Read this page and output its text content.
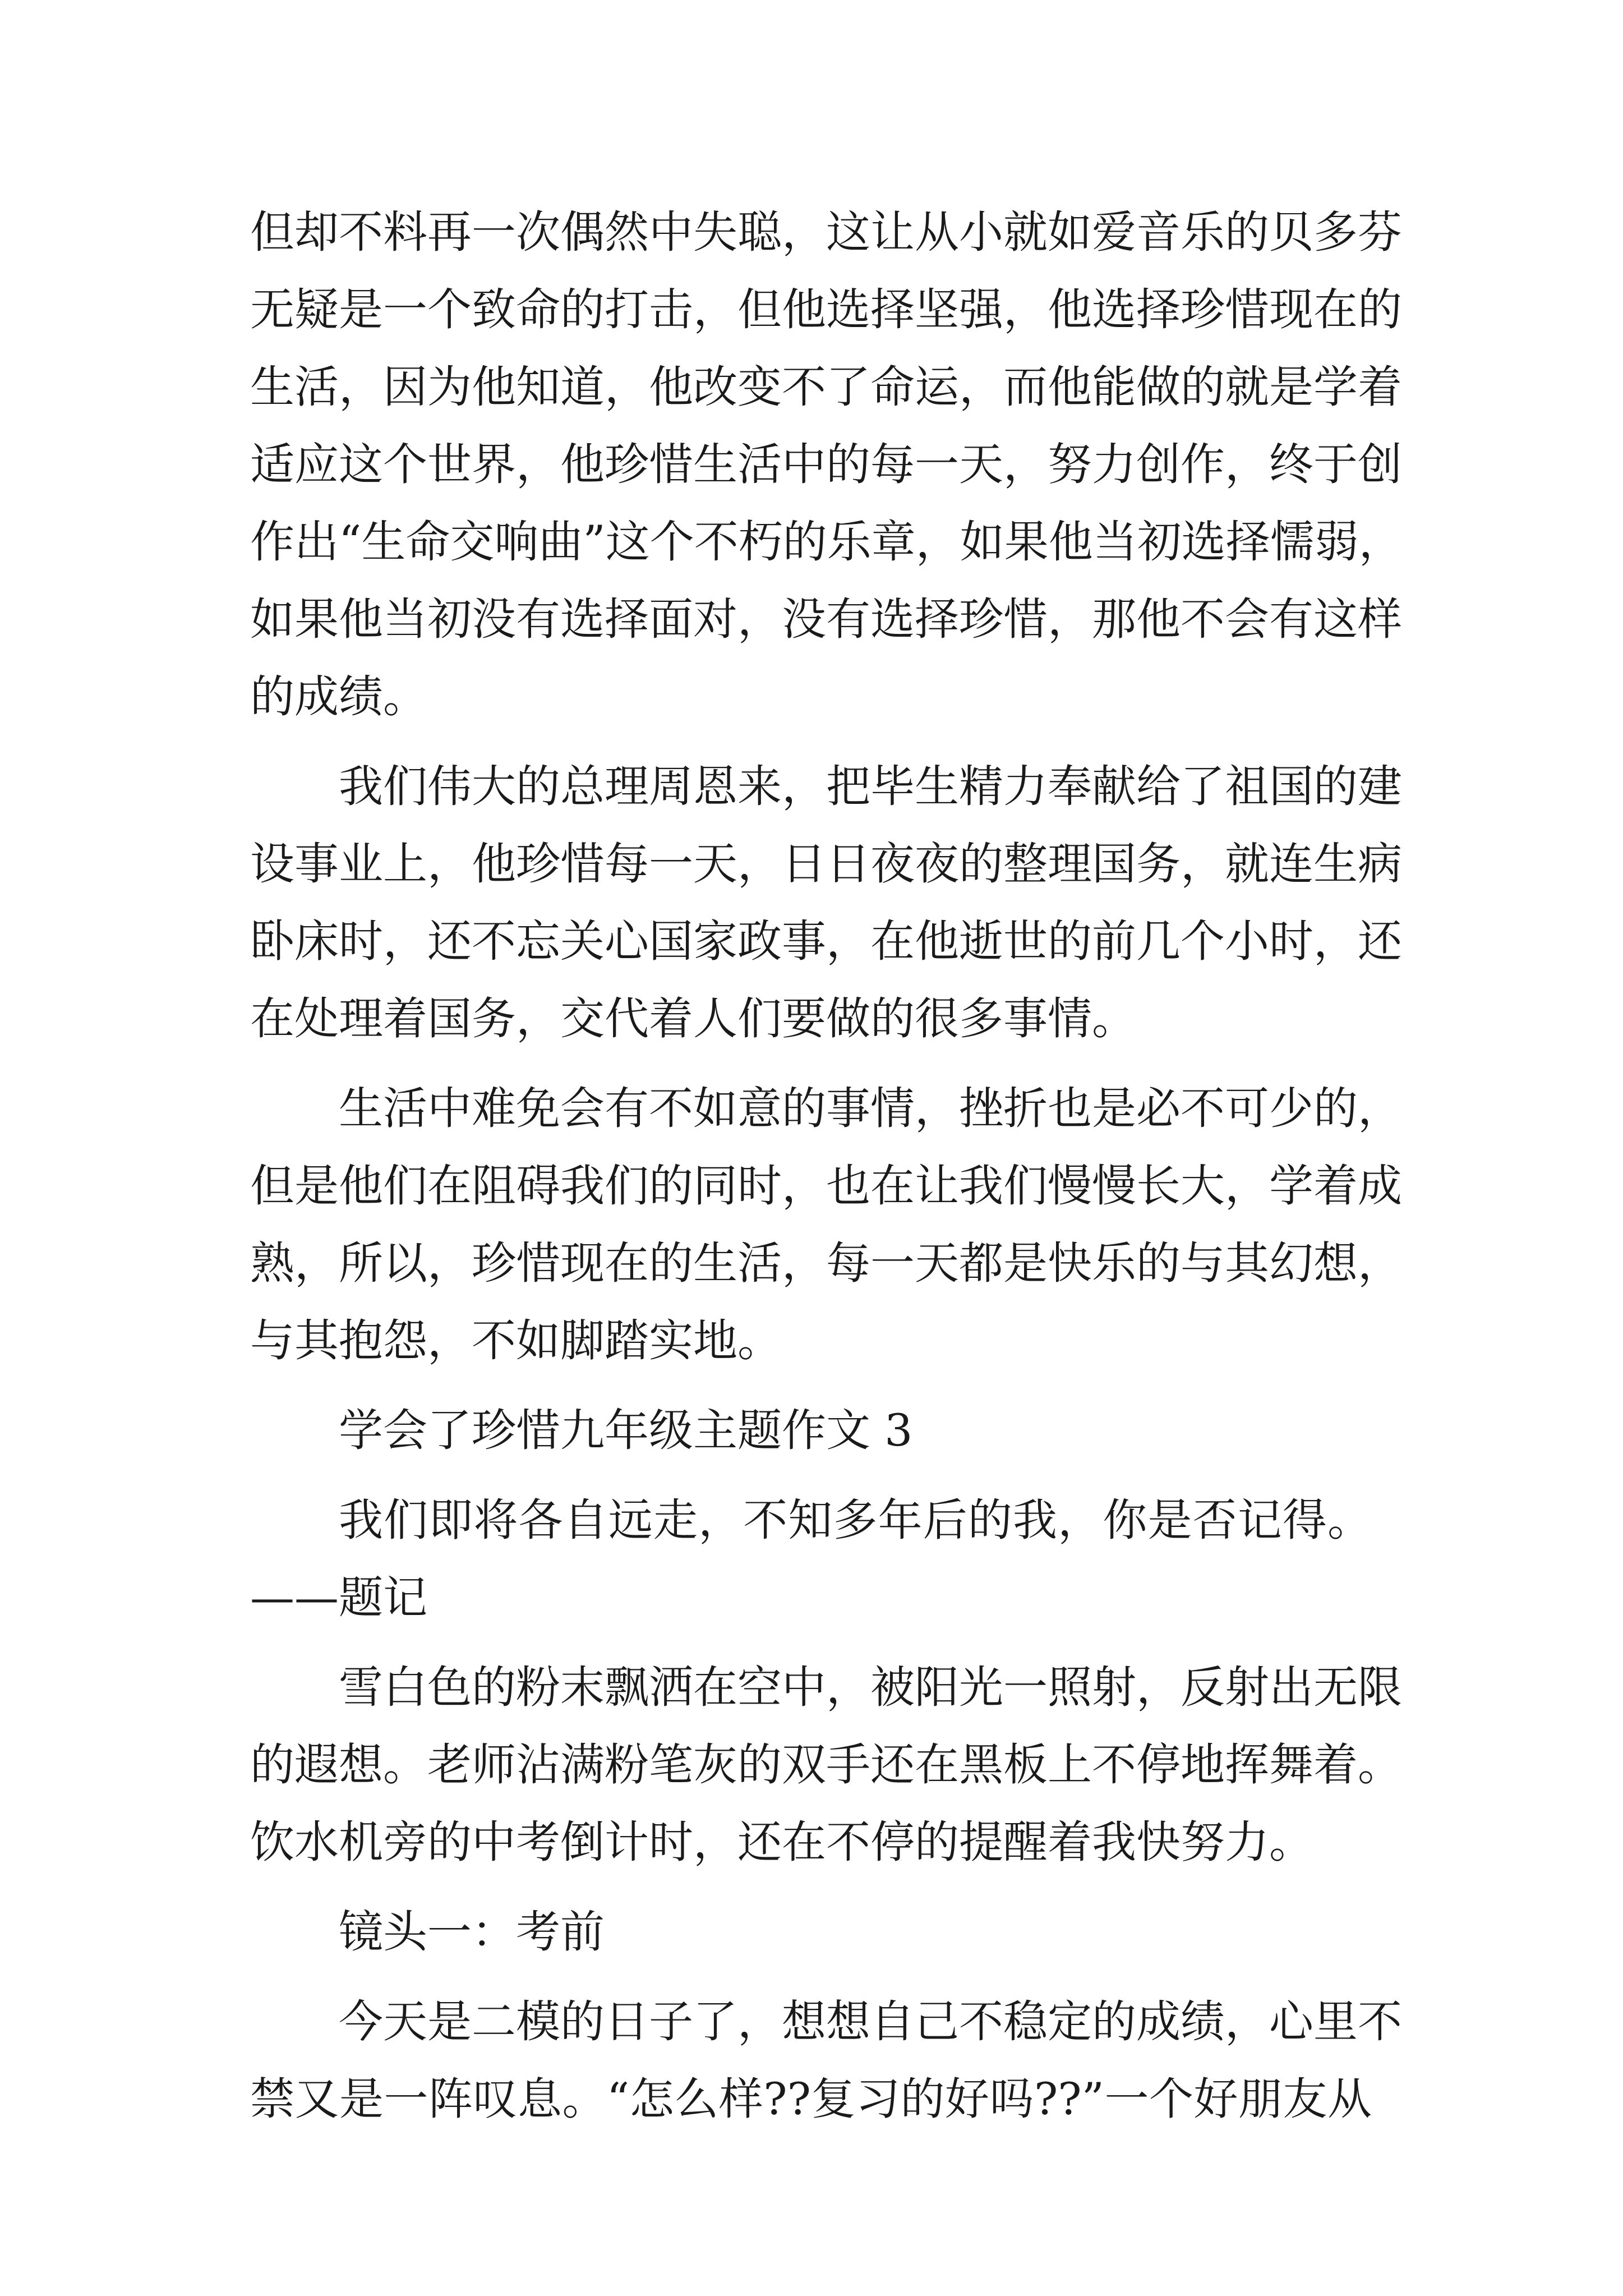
但却不料再一次偶然中失聪，这让从小就如爱音乐的贝多芬
无疑是一个致命的打击，但他选择坚强，他选择珍惜现在的
生活，因为他知道，他改变不了命运，而他能做的就是学着
适应这个世界，他珍惜生活中的每一天，努力创作，终于创
作出“生命交响曲”这个不朽的乐章，如果他当初选择懦弱，
如果他当初没有选择面对，没有选择珍惜，那他不会有这样
的成绩。
我们伟大的总理周恩来，把毕生精力奉献给了祖国的建
设事业上，他珍惜每一天，日日夜夜的整理国务，就连生病
卧床时，还不忘关心国家政事，在他逝世的前几个小时，还
在处理着国务，交代着人们要做的很多事情。
生活中难免会有不如意的事情，挫折也是必不可少的，
但是他们在阻碍我们的同时，也在让我们慢慢长大，学着成
熟，所以，珍惜现在的生活，每一天都是快乐的与其幻想，
与其抱怨，不如脚踏实地。
学会了珍惜九年级主题作文 3
我们即将各自远走，不知多年后的我，你是否记得。
——题记
雪白色的粉末飘洒在空中，被阳光一照射，反射出无限
的遐想。老师沾满粉笔灰的双手还在黑板上不停地挥舞着。
饮水机旁的中考倒计时，还在不停的提醒着我快努力。
镜头一：考前
今天是二模的日子了，想想自己不稳定的成绩，心里不
禁又是一阵叹息。“怎么样??复习的好吗??”一个好朋友从
